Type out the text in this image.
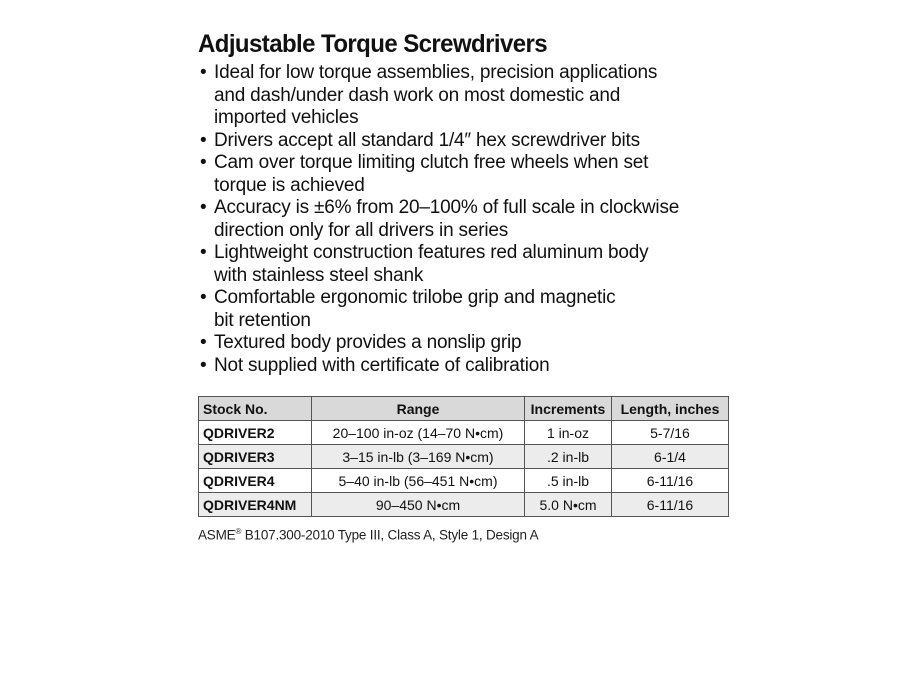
Adjustable Torque Screwdrivers
• Ideal for low torque assemblies, precision applications
and dash/under dash work on most domestic and
imported vehicles
• Drivers accept all standard 1/4″ hex screwdriver bits
• Cam over torque limiting clutch free wheels when set
torque is achieved
• Accuracy is ±6% from 20–100% of full scale in clockwise
direction only for all drivers in series
• Lightweight construction features red aluminum body
with stainless steel shank
• Comfortable ergonomic trilobe grip and magnetic
bit retention
• Textured body provides a nonslip grip
• Not supplied with certificate of calibration
Stock No.	Range	Increments	Length, inches
QDRIVER2	20–100 in-oz (14–70 N•cm)	1 in-oz	5-7/16
QDRIVER3	3–15 in-lb (3–169 N•cm)	.2 in-lb	6-1/4
QDRIVER4	5–40 in-lb (56–451 N•cm)	.5 in-lb	6-11/16
QDRIVER4NM	90–450 N•cm	5.0 N•cm	6-11/16
ASME® B107.300-2010 Type III, Class A, Style 1, Design A
